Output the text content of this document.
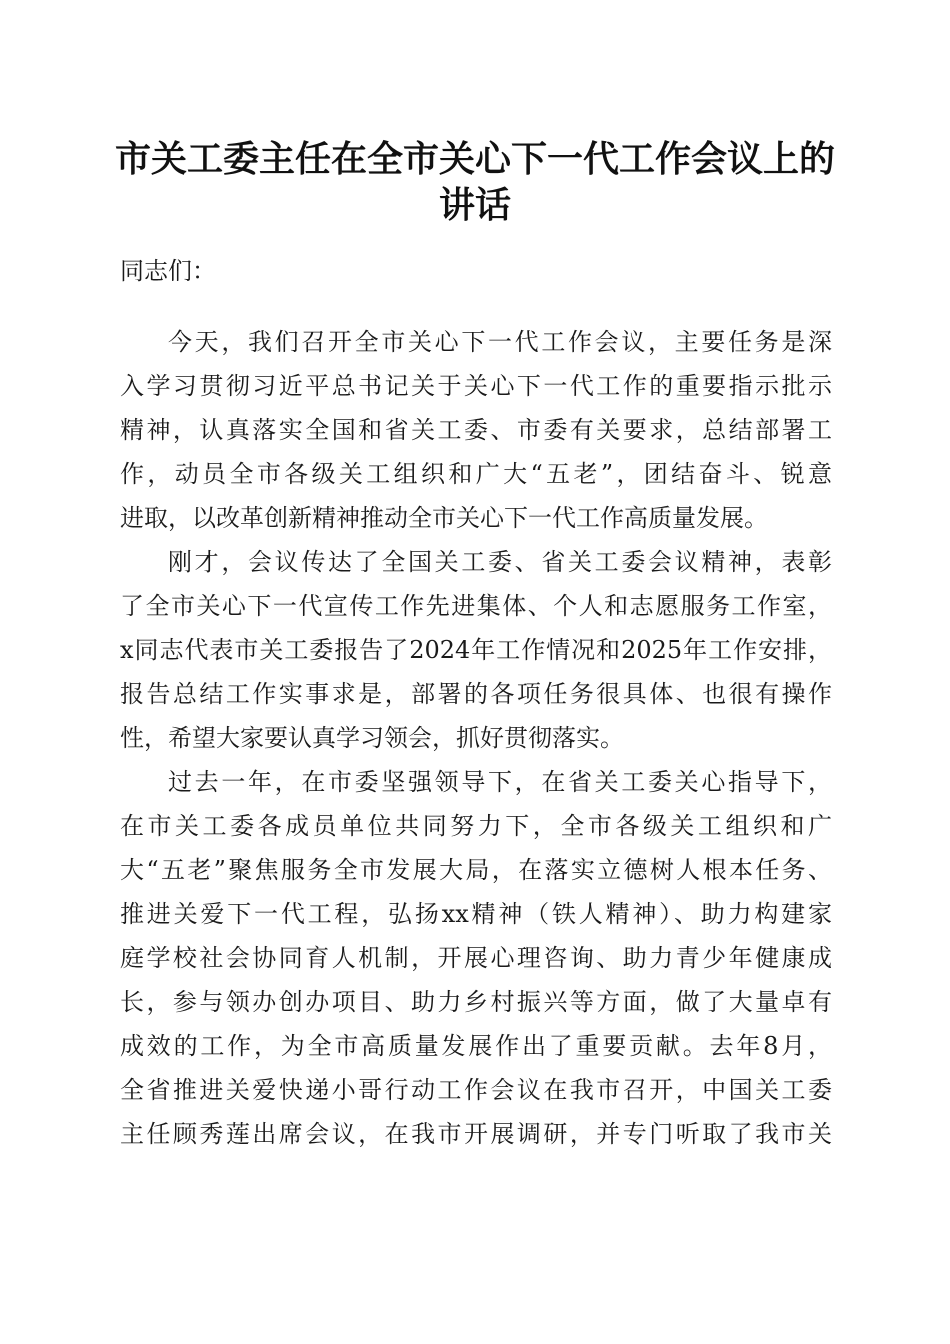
市关工委主任在全市关心下一代工作会议上的
讲话
同志们：
今天，我们召开全市关心下一代工作会议，主要任务是深
入学习贯彻习近平总书记关于关心下一代工作的重要指示批示
精神，认真落实全国和省关工委、市委有关要求，总结部署工
作，动员全市各级关工组织和广大“五老”，团结奋斗、锐意
进取，以改革创新精神推动全市关心下一代工作高质量发展。
刚才，会议传达了全国关工委、省关工委会议精神，表彰
了全市关心下一代宣传工作先进集体、个人和志愿服务工作室，
x同志代表市关工委报告了2024年工作情况和2025年工作安排，
报告总结工作实事求是，部署的各项任务很具体、也很有操作
性，希望大家要认真学习领会，抓好贯彻落实。
过去一年，在市委坚强领导下，在省关工委关心指导下，
在市关工委各成员单位共同努力下，全市各级关工组织和广
大“五老”聚焦服务全市发展大局，在落实立德树人根本任务、
推进关爱下一代工程，弘扬xx精神（铁人精神）、助力构建家
庭学校社会协同育人机制，开展心理咨询、助力青少年健康成
长，参与领办创办项目、助力乡村振兴等方面，做了大量卓有
成效的工作，为全市高质量发展作出了重要贡献。去年8月，
全省推进关爱快递小哥行动工作会议在我市召开，中国关工委
主任顾秀莲出席会议，在我市开展调研，并专门听取了我市关
